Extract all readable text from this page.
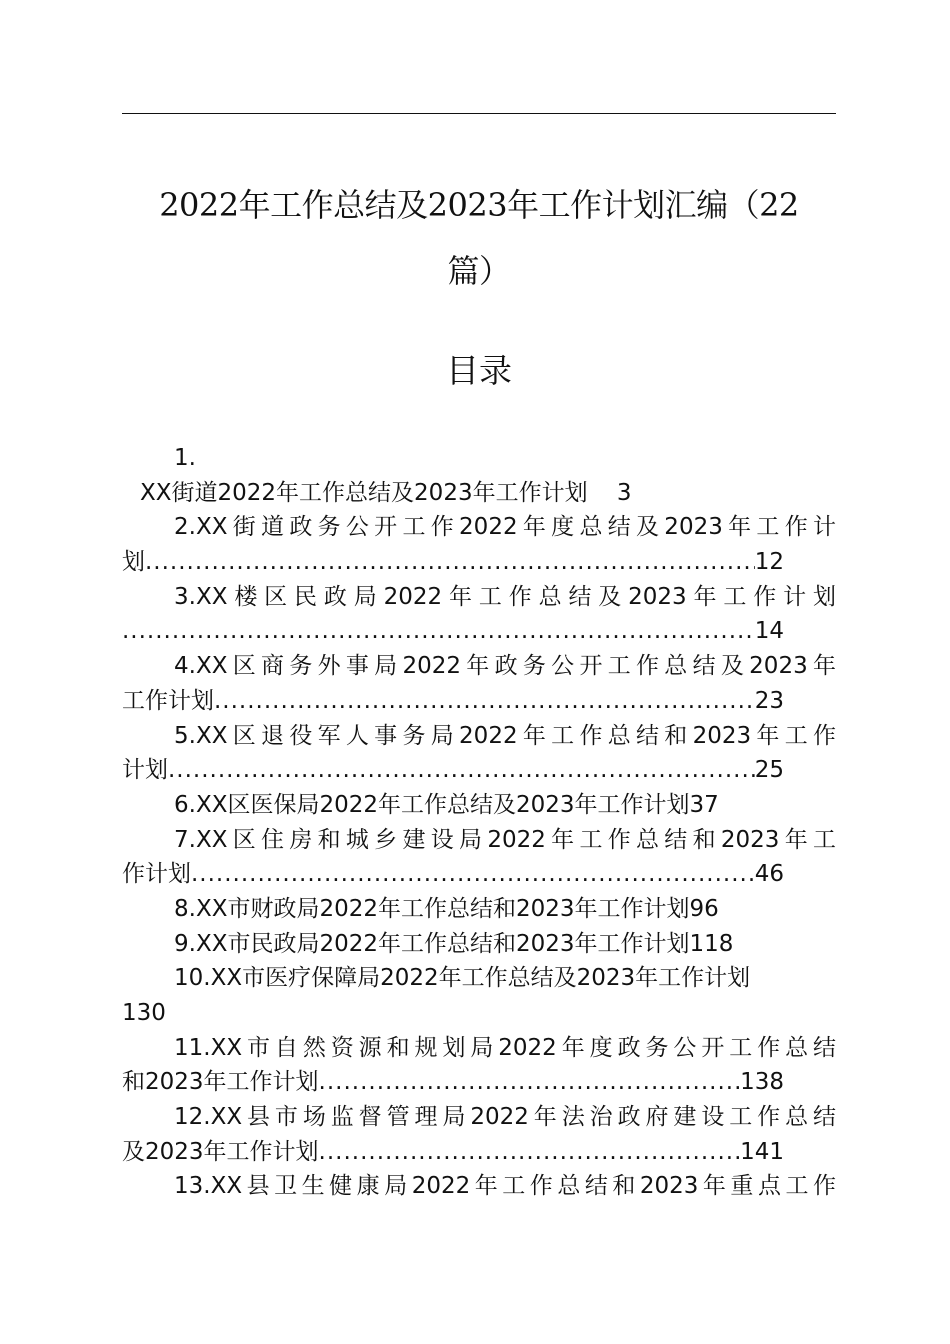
2022年工作总结及2023年工作计划汇编（22
篇）
目录
1.
XX街道2022年工作总结及2023年工作计划 3
2.XX街道政务公开工作2022年度总结及2023年工作计
划 .....	12
3.XX楼区民政局2022年工作总结及2023年工作计划
.....
14
4.XX区商务外事局2022年政务公开工作总结及2023年
工作计划 .....	23
5.XX区退役军人事务局2022年工作总结和2023年工作
计划 .....	25
6.XX区医保局2022年工作总结及2023年工作计划37
7.XX区住房和城乡建设局2022年工作总结和2023年工
作计划 .....	46
8.XX市财政局2022年工作总结和2023年工作计划96
9.XX市民政局2022年工作总结和2023年工作计划118
10.XX市医疗保障局2022年工作总结及2023年工作计划
130
11.XX市自然资源和规划局2022年度政务公开工作总结
和2023年工作计划 .....	138
12.XX县市场监督管理局2022年法治政府建设工作总结
及2023年工作计划 .....	141
13.XX县卫生健康局2022年工作总结和2023年重点工作
